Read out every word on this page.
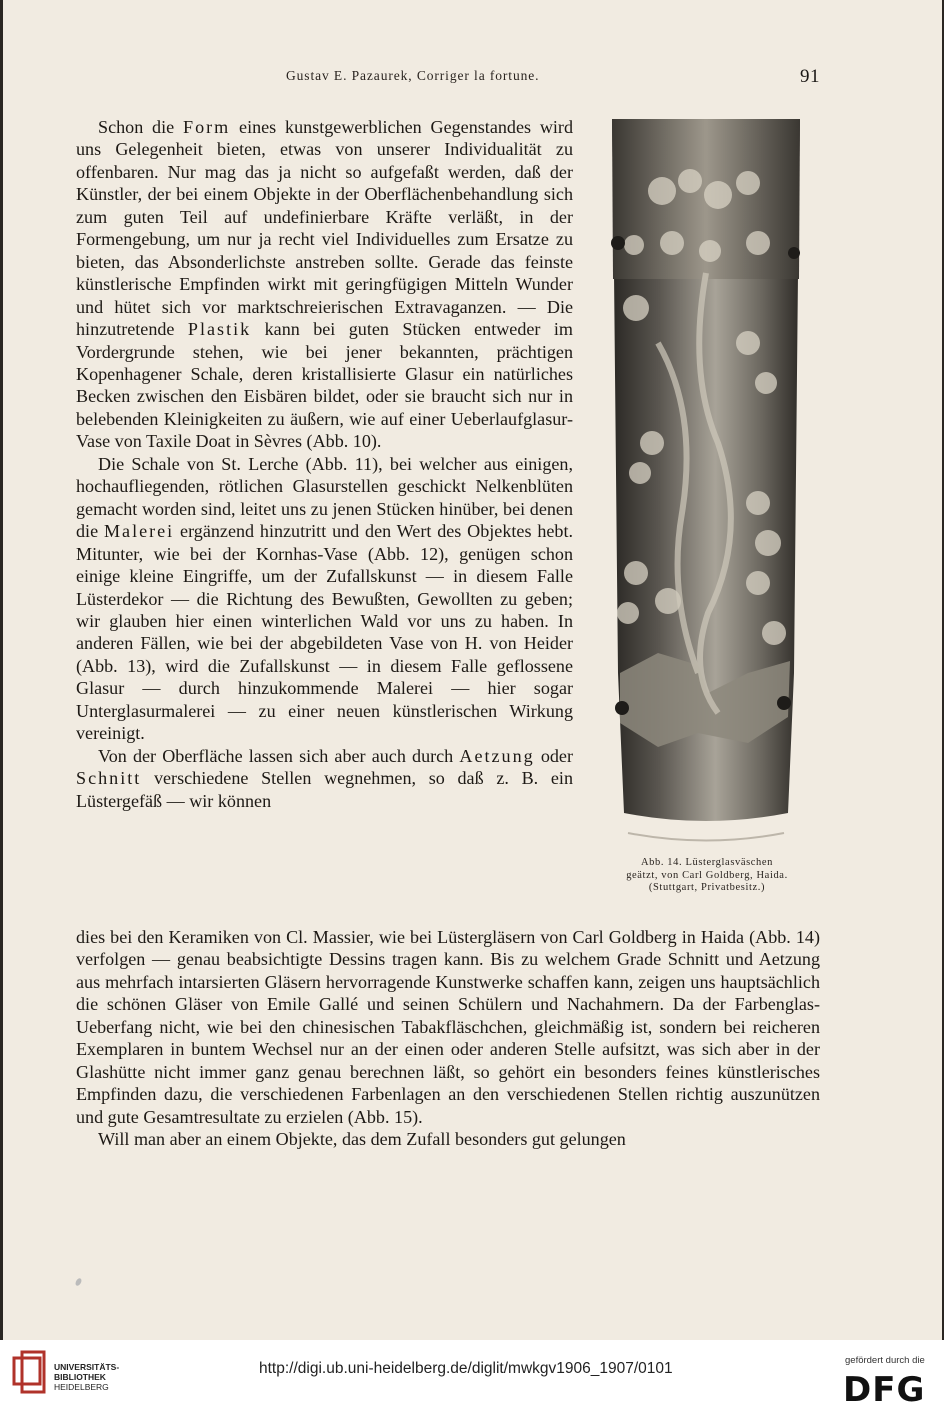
Gustav E. Pazaurek, Corriger la fortune.	91

Schon die Form eines kunstgewerblichen Gegenstandes wird uns Gelegenheit bieten, etwas von unserer Individualität zu offenbaren. Nur mag das ja nicht so aufgefaßt werden, daß der Künstler, der bei einem Objekte in der Oberflächenbehandlung sich zum guten Teil auf undefinierbare Kräfte verläßt, in der Formengebung, um nur ja recht viel Individuelles zum Ersatze zu bieten, das Absonderlichste anstreben sollte. Gerade das feinste künstlerische Empfinden wirkt mit geringfügigen Mitteln Wunder und hütet sich vor marktschreierischen Extravaganzen. — Die hinzutretende Plastik kann bei guten Stücken entweder im Vordergrunde stehen, wie bei jener bekannten, prächtigen Kopenhagener Schale, deren kristallisierte Glasur ein natürliches Becken zwischen den Eisbären bildet, oder sie braucht sich nur in belebenden Kleinigkeiten zu äußern, wie auf einer Ueberlaufglasur-Vase von Taxile Doat in Sèvres (Abb. 10).

Die Schale von St. Lerche (Abb. 11), bei welcher aus einigen, hochaufliegenden, rötlichen Glasurstellen geschickt Nelkenblüten gemacht worden sind, leitet uns zu jenen Stücken hinüber, bei denen die Malerei ergänzend hinzutritt und den Wert des Objektes hebt. Mitunter, wie bei der Kornhas-Vase (Abb. 12), genügen schon einige kleine Eingriffe, um der Zufallskunst — in diesem Falle Lüsterdekor — die Richtung des Bewußten, Gewollten zu geben; wir glauben hier einen winterlichen Wald vor uns zu haben. In anderen Fällen, wie bei der abgebildeten Vase von H. von Heider (Abb. 13), wird die Zufallskunst — in diesem Falle geflossene Glasur — durch hinzukommende Malerei — hier sogar Unterglasurmalerei — zu einer neuen künstlerischen Wirkung vereinigt.

Von der Oberfläche lassen sich aber auch durch Aetzung oder Schnitt verschiedene Stellen wegnehmen, so daß z. B. ein Lüstergefäß — wir können

dies bei den Keramiken von Cl. Massier, wie bei Lüstergläsern von Carl Goldberg in Haida (Abb. 14) verfolgen — genau beabsichtigte Dessins tragen kann. Bis zu welchem Grade Schnitt und Aetzung aus mehrfach intarsierten Gläsern hervorragende Kunstwerke schaffen kann, zeigen uns hauptsächlich die schönen Gläser von Emile Gallé und seinen Schülern und Nachahmern. Da der Farbenglas-Ueberfang nicht, wie bei den chinesischen Tabakfläschchen, gleichmäßig ist, sondern bei reicheren Exemplaren in buntem Wechsel nur an der einen oder anderen Stelle aufsitzt, was sich aber in der Glashütte nicht immer ganz genau berechnen läßt, so gehört ein besonders feines künstlerisches Empfinden dazu, die verschiedenen Farbenlagen an den verschiedenen Stellen richtig auszunützen und gute Gesamtresultate zu erzielen (Abb. 15).

Will man aber an einem Objekte, das dem Zufall besonders gut gelungen

Abb. 14. Lüsterglasväschen
geätzt, von Carl Goldberg, Haida.
(Stuttgart, Privatbesitz.)
UNIVERSITÄTS-
BIBLIOTHEK
HEIDELBERG
http://digi.ub.uni-heidelberg.de/diglit/mwkgv1906_1907/0101	gefördert durch die
DFG
